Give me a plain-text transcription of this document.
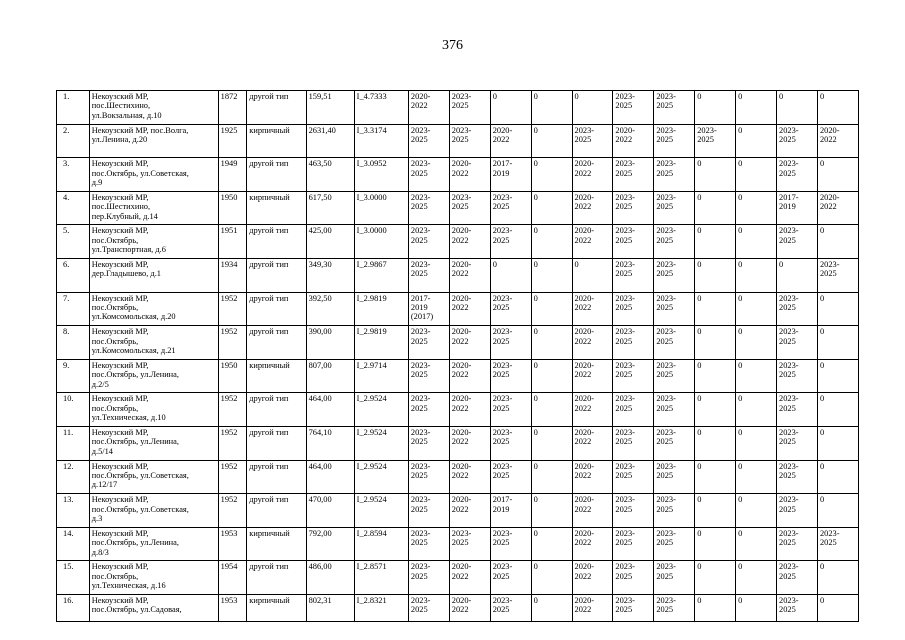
376
1.	Некоузский МР,
пос.Шестихино,
ул.Вокзальная, д.10	1872	другой тип	159,51	I_4.7333	2020-
2022	2023-
2025	0	0	0	2023-
2025	2023-
2025	0	0	0	0
2.	Некоузский МР, пос.Волга,
ул.Ленина, д.20	1925	кирпичный	2631,40	I_3.3174	2023-
2025	2023-
2025	2020-
2022	0	2023-
2025	2020-
2022	2023-
2025	2023-
2025	0	2023-
2025	2020-
2022
3.	Некоузский МР,
пос.Октябрь, ул.Советская,
д.9	1949	другой тип	463,50	I_3.0952	2023-
2025	2020-
2022	2017-
2019	0	2020-
2022	2023-
2025	2023-
2025	0	0	2023-
2025	0
4.	Некоузский МР,
пос.Шестихино,
пер.Клубный, д.14	1950	кирпичный	617,50	I_3.0000	2023-
2025	2023-
2025	2023-
2025	0	2020-
2022	2023-
2025	2023-
2025	0	0	2017-
2019	2020-
2022
5.	Некоузский МР,
пос.Октябрь,
ул.Транспортная, д.6	1951	другой тип	425,00	I_3.0000	2023-
2025	2020-
2022	2023-
2025	0	2020-
2022	2023-
2025	2023-
2025	0	0	2023-
2025	0
6.	Некоузский МР,
дер.Гладышево, д.1	1934	другой тип	349,30	I_2.9867	2023-
2025	2020-
2022	0	0	0	2023-
2025	2023-
2025	0	0	0	2023-
2025
7.	Некоузский МР,
пос.Октябрь,
ул.Комсомольская, д.20	1952	другой тип	392,50	I_2.9819	2017-
2019
(2017)	2020-
2022	2023-
2025	0	2020-
2022	2023-
2025	2023-
2025	0	0	2023-
2025	0
8.	Некоузский МР,
пос.Октябрь,
ул.Комсомольская, д.21	1952	другой тип	390,00	I_2.9819	2023-
2025	2020-
2022	2023-
2025	0	2020-
2022	2023-
2025	2023-
2025	0	0	2023-
2025	0
9.	Некоузский МР,
пос.Октябрь, ул.Ленина,
д.2/5	1950	кирпичный	807,00	I_2.9714	2023-
2025	2020-
2022	2023-
2025	0	2020-
2022	2023-
2025	2023-
2025	0	0	2023-
2025	0
10.	Некоузский МР,
пос.Октябрь,
ул.Техническая, д.10	1952	другой тип	464,00	I_2.9524	2023-
2025	2020-
2022	2023-
2025	0	2020-
2022	2023-
2025	2023-
2025	0	0	2023-
2025	0
11.	Некоузский МР,
пос.Октябрь, ул.Ленина,
д.5/14	1952	другой тип	764,10	I_2.9524	2023-
2025	2020-
2022	2023-
2025	0	2020-
2022	2023-
2025	2023-
2025	0	0	2023-
2025	0
12.	Некоузский МР,
пос.Октябрь, ул.Советская,
д.12/17	1952	другой тип	464,00	I_2.9524	2023-
2025	2020-
2022	2023-
2025	0	2020-
2022	2023-
2025	2023-
2025	0	0	2023-
2025	0
13.	Некоузский МР,
пос.Октябрь, ул.Советская,
д.3	1952	другой тип	470,00	I_2.9524	2023-
2025	2020-
2022	2017-
2019	0	2020-
2022	2023-
2025	2023-
2025	0	0	2023-
2025	0
14.	Некоузский МР,
пос.Октябрь, ул.Ленина,
д.8/3	1953	кирпичный	792,00	I_2.8594	2023-
2025	2023-
2025	2023-
2025	0	2020-
2022	2023-
2025	2023-
2025	0	0	2023-
2025	2023-
2025
15.	Некоузский МР,
пос.Октябрь,
ул.Техническая, д.16	1954	другой тип	486,00	I_2.8571	2023-
2025	2020-
2022	2023-
2025	0	2020-
2022	2023-
2025	2023-
2025	0	0	2023-
2025	0
16.	Некоузский МР,
пос.Октябрь, ул.Садовая,	1953	кирпичный	802,31	I_2.8321	2023-
2025	2020-
2022	2023-
2025	0	2020-
2022	2023-
2025	2023-
2025	0	0	2023-
2025	0
